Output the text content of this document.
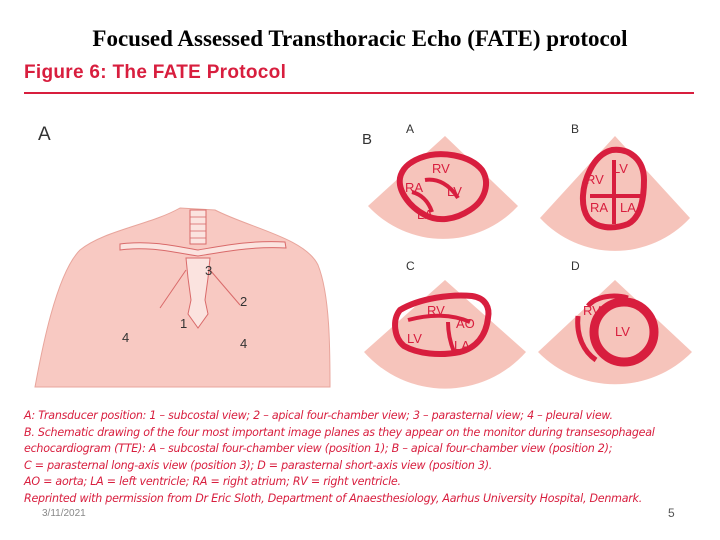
Focused Assessed Transthoracic Echo (FATE) protocol
Figure 6: The FATE Protocol
A
3
2
1
4	4
B
A
RV
RA LV
LA
B
LV
RV
RA LA
C
RV
AO
LV LA
D
RV
LV
A: Transducer position: 1 – subcostal view; 2 – apical four-chamber view; 3 – parasternal view; 4 – pleural view.
B. Schematic drawing of the four most important image planes as they appear on the monitor during transesophageal
echocardiogram (TTE): A – subcostal four-chamber view (position 1); B – apical four-chamber view (position 2);
C = parasternal long-axis view (position 3); D = parasternal short-axis view (position 3).
AO = aorta; LA = left ventricle; RA = right atrium; RV = right ventricle.
Reprinted with permission from Dr Eric Sloth, Department of Anaesthesiology, Aarhus University Hospital, Denmark.
3/11/2021	5
